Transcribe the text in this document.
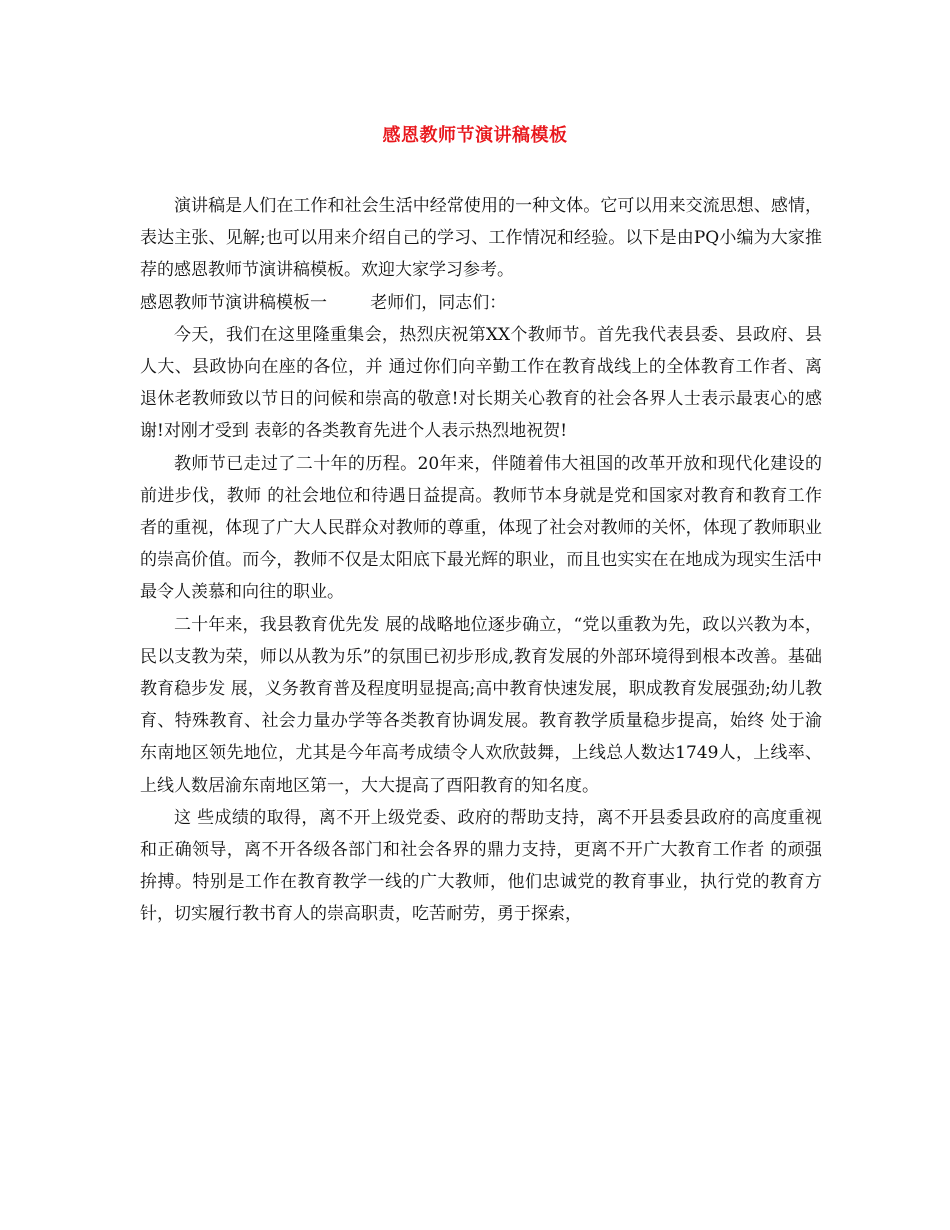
感恩教师节演讲稿模板

演讲稿是人们在工作和社会生活中经常使用的一种文体。它可以用来交流思想、感情，表达主张、见解;也可以用来介绍自己的学习、工作情况和经验。以下是由PQ小编为大家推荐的感恩教师节演讲稿模板。欢迎大家学习参考。

感恩教师节演讲稿模板一	老师们，同志们：

今天，我们在这里隆重集会，热烈庆祝第XX个教师节。首先我代表县委、县政府、县人大、县政协向在座的各位，并 通过你们向辛勤工作在教育战线上的全体教育工作者、离退休老教师致以节日的问候和崇高的敬意!对长期关心教育的社会各界人士表示最衷心的感谢!对刚才受到 表彰的各类教育先进个人表示热烈地祝贺!

教师节已走过了二十年的历程。20年来，伴随着伟大祖国的改革开放和现代化建设的前进步伐，教师 的社会地位和待遇日益提高。教师节本身就是党和国家对教育和教育工作者的重视，体现了广大人民群众对教师的尊重，体现了社会对教师的关怀，体现了教师职业 的崇高价值。而今，教师不仅是太阳底下最光辉的职业，而且也实实在在地成为现实生活中最令人羡慕和向往的职业。

二十年来，我县教育优先发 展的战略地位逐步确立，“党以重教为先，政以兴教为本，民以支教为荣，师以从教为乐”的氛围已初步形成,教育发展的外部环境得到根本改善。基础教育稳步发 展，义务教育普及程度明显提高;高中教育快速发展，职成教育发展强劲;幼儿教育、特殊教育、社会力量办学等各类教育协调发展。教育教学质量稳步提高，始终 处于渝东南地区领先地位，尤其是今年高考成绩令人欢欣鼓舞，上线总人数达1749人，上线率、上线人数居渝东南地区第一，大大提高了酉阳教育的知名度。

这 些成绩的取得，离不开上级党委、政府的帮助支持，离不开县委县政府的高度重视和正确领导，离不开各级各部门和社会各界的鼎力支持，更离不开广大教育工作者 的顽强拚搏。特别是工作在教育教学一线的广大教师，他们忠诚党的教育事业，执行党的教育方针，切实履行教书育人的崇高职责，吃苦耐劳，勇于探索，
